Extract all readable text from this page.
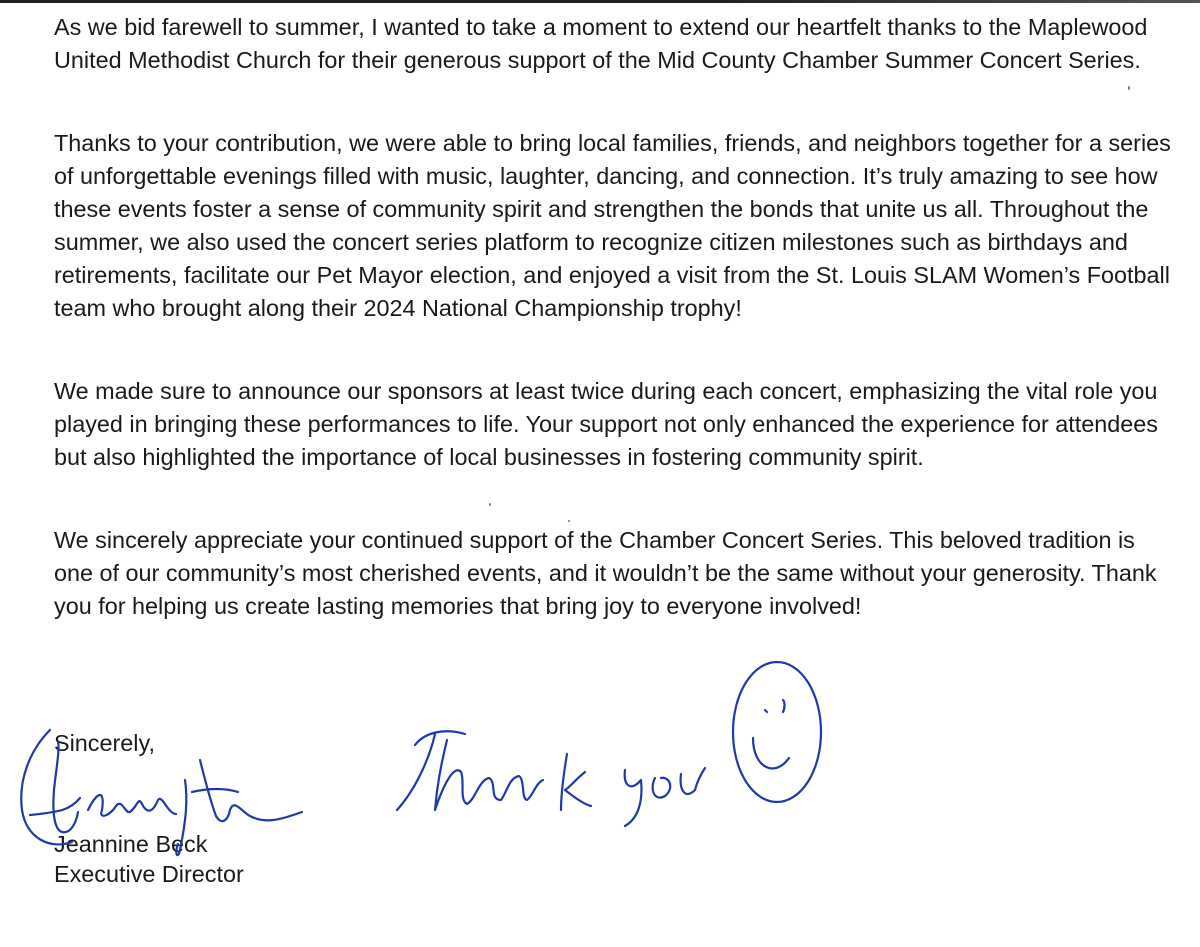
As we bid farewell to summer, I wanted to take a moment to extend our heartfelt thanks to the Maplewood United Methodist Church for their generous support of the Mid County Chamber Summer Concert Series.

Thanks to your contribution, we were able to bring local families, friends, and neighbors together for a series of unforgettable evenings filled with music, laughter, dancing, and connection. It’s truly amazing to see how these events foster a sense of community spirit and strengthen the bonds that unite us all. Throughout the summer, we also used the concert series platform to recognize citizen milestones such as birthdays and retirements, facilitate our Pet Mayor election, and enjoyed a visit from the St. Louis SLAM Women’s Football team who brought along their 2024 National Championship trophy!

We made sure to announce our sponsors at least twice during each concert, emphasizing the vital role you played in bringing these performances to life. Your support not only enhanced the experience for attendees but also highlighted the importance of local businesses in fostering community spirit.

We sincerely appreciate your continued support of the Chamber Concert Series. This beloved tradition is one of our community’s most cherished events, and it wouldn’t be the same without your generosity. Thank you for helping us create lasting memories that bring joy to everyone involved!

Sincerely,
Jeannine Beck
Executive Director
